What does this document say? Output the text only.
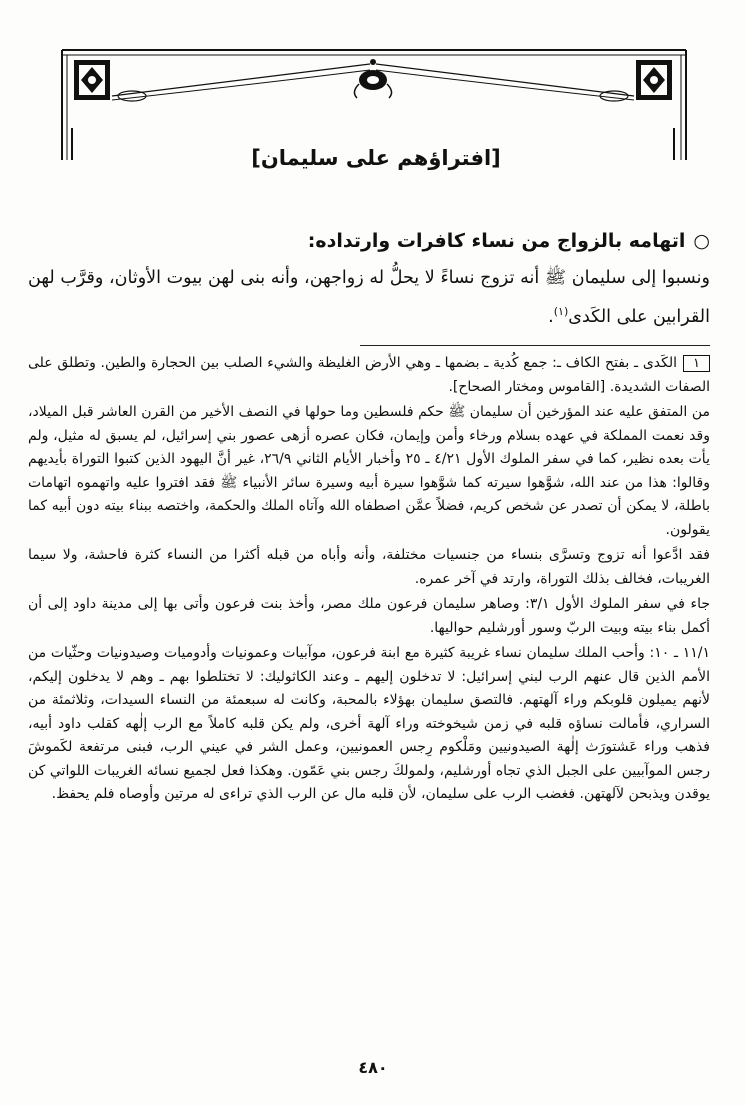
[افتراؤهم على سليمان]
○اتهامه بالزواج من نساء كافرات وارتداده:
ونسبوا إلى سليمان ﷺ أنه تزوج نساءً لا يحلُّ له زواجهن، وأنه بنى لهن بيوت الأوثان، وقرَّب لهن القرابين على الكَدى$^{(١)}$.

١الكَدى ـ بفتح الكاف ـ: جمع كُدية ـ بضمها ـ وهي الأرض الغليظة والشيء الصلب بين الحجارة والطين. وتطلق على الصفات الشديدة. [القاموس ومختار الصحاح].

من المتفق عليه عند المؤرخين أن سليمان ﷺ حكم فلسطين وما حولها في النصف الأخير من القرن العاشر قبل الميلاد، وقد نعمت المملكة في عهده بسلام ورخاء وأمن وإيمان، فكان عصره أزهى عصور بني إسرائيل، لم يسبق له مثيل، ولم يأت بعده نظير، كما في سفر الملوك الأول ٤/٢١ ـ ٢٥ وأخبار الأيام الثاني ٢٦/٩، غير أنَّ اليهود الذين كتبوا التوراة بأيديهم وقالوا: هذا من عند الله، شوَّهوا سيرته كما شوَّهوا سيرة أبيه وسيرة سائر الأنبياء ﷺ فقد افتروا عليه واتهموه اتهامات باطلة، لا يمكن أن تصدر عن شخص كريم، فضلاً عمَّن اصطفاه الله وآتاه الملك والحكمة، واختصه ببناء بيته دون أبيه كما يقولون.

فقد ادَّعوا أنه تزوج وتسرَّى بنساء من جنسيات مختلفة، وأنه وأباه من قبله أكثرا من النساء كثرة فاحشة، ولا سيما الغريبات، فخالف بذلك التوراة، وارتد في آخر عمره.

جاء في سفر الملوك الأول ٣/١: وصاهر سليمان فرعون ملك مصر، وأخذ بنت فرعون وأتى بها إلى مدينة داود إلى أن أكمل بناء بيته وبيت الربّ وسور أورشليم حواليها.

١١/١ ـ ١٠: وأحب الملك سليمان نساء غريبة كثيرة مع ابنة فرعون، موآبيات وعمونيات وأدوميات وصيدونيات وحثّيات من الأمم الذين قال عنهم الرب لبني إسرائيل: لا تدخلون إليهم ـ وعند الكاثوليك: لا تختلطوا بهم ـ وهم لا يدخلون إليكم، لأنهم يميلون قلوبكم وراء آلهتهم. فالتصق سليمان بهؤلاء بالمحبة، وكانت له سبعمئة من النساء السيدات، وثلاثمئة من السراري، فأمالت نساؤه قلبه في زمن شيخوخته وراء آلهة أخرى، ولم يكن قلبه كاملاً مع الرب إلٰهه كقلب داود أبيه، فذهب وراء عَشتورَث إلٰهة الصيدونيين ومَلْكوم رِجس العمونيين، وعمل الشر في عيني الرب، فبنى مرتفعة لكَموشَ رجس الموآبيين على الجبل الذي تجاه أورشليم، ولمولكَ رجس بني عَمّون. وهكذا فعل لجميع نسائه الغريبات اللواتي كن يوقدن ويذبحن لآلهتهن. فغضب الرب على سليمان، لأن قلبه مال عن الرب الذي تراءى له مرتين وأوصاه فلم يحفظ.

٤٨٠
